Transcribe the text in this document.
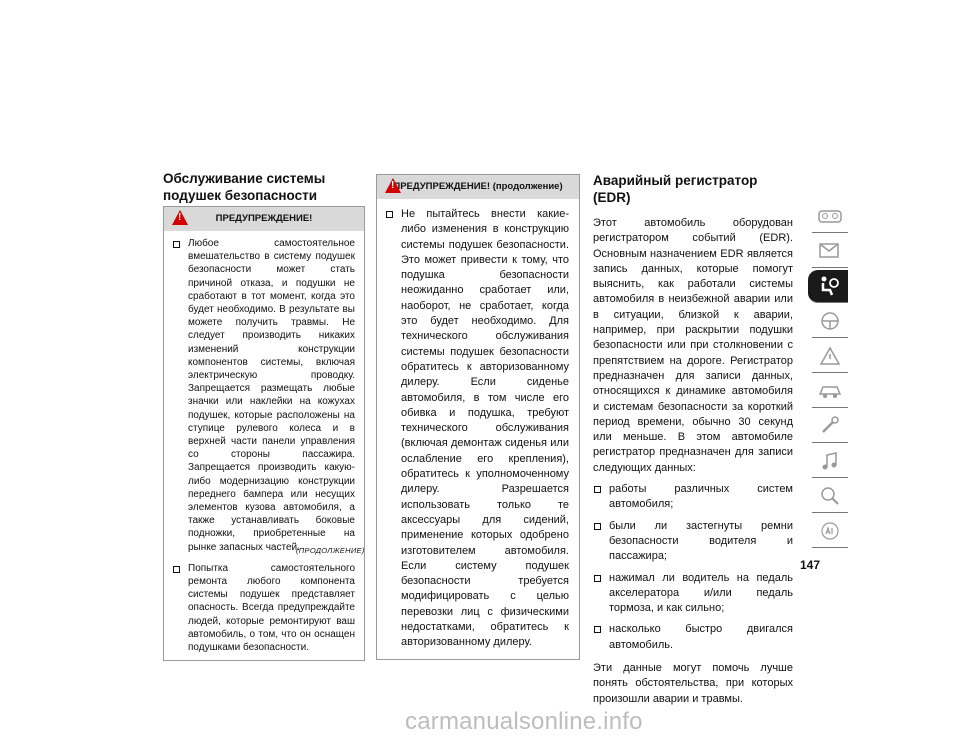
Обслуживание системы подушек безопасности
!
ПРЕДУПРЕЖДЕНИЕ!
Любое самостоятельное вмешательство в систему подушек безопасности может стать причиной отказа, и подушки не сработают в тот момент, когда это будет необходимо. В результате вы можете получить травмы. Не следует производить никаких изменений конструкции компонентов системы, включая электрическую проводку. Запрещается размещать любые значки или наклейки на кожухах подушек, которые расположены на ступице рулевого колеса и в верхней части панели управления со стороны пассажира. Запрещается производить какую-либо модернизацию конструкции переднего бампера или несущих элементов кузова автомобиля, а также устанавливать боковые подножки, приобретенные на рынке запасных частей.
Попытка самостоятельного ремонта любого компонента системы подушек представляет опасность. Всегда предупреждайте людей, которые ремонтируют ваш автомобиль, о том, что он оснащен подушками безопасности.
(ПРОДОЛЖЕНИЕ)
!
ПРЕДУПРЕЖДЕНИЕ! (продолжение)
Не пытайтесь внести какие-либо изменения в конструкцию системы подушек безопасности. Это может привести к тому, что подушка безопасности неожиданно сработает или, наоборот, не сработает, когда это будет необходимо. Для технического обслуживания системы подушек безопасности обратитесь к авторизованному дилеру. Если сиденье автомобиля, в том числе его обивка и подушка, требуют технического обслуживания (включая демонтаж сиденья или ослабление его крепления), обратитесь к уполномоченному дилеру. Разрешается использовать только те аксессуары для сидений, применение которых одобрено изготовителем автомобиля. Если систему подушек безопасности требуется модифицировать с целью перевозки лиц с физическими недостатками, обратитесь к авторизованному дилеру.
Аварийный регистратор (EDR)
Этот автомобиль оборудован регистратором событий (EDR). Основным назначением EDR является запись данных, которые помогут выяснить, как работали системы автомобиля в неизбежной аварии или в ситуации, близкой к аварии, например, при раскрытии подушки безопасности или при столкновении с препятствием на дороге. Регистратор предназначен для записи данных, относящихся к динамике автомобиля и системам безопасности за короткий период времени, обычно 30 секунд или меньше. В этом автомобиле регистратор предназначен для записи следующих данных:
работы различных систем автомобиля;
были ли застегнуты ремни безопасности водителя и пассажира;
нажимал ли водитель на педаль акселератора и/или педаль тормоза, и как сильно;
насколько быстро двигался автомобиль.
Эти данные могут помочь лучше понять обстоятельства, при которых произошли аварии и травмы.
147
carmanualsonline.info
